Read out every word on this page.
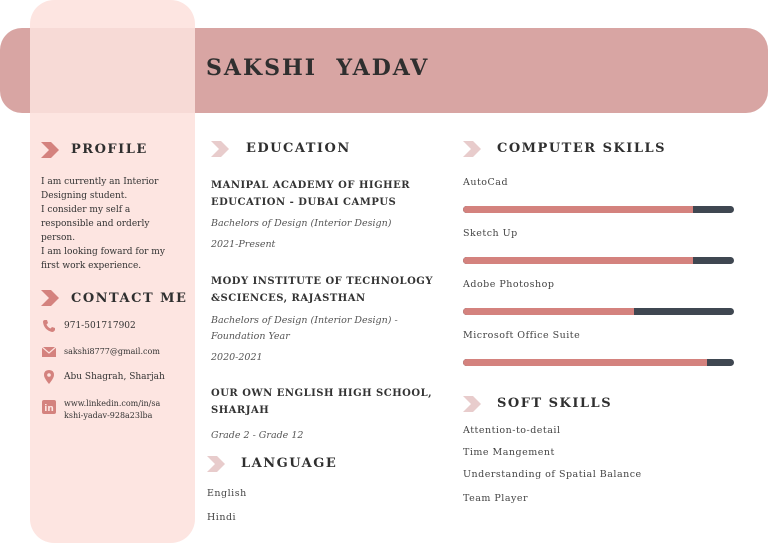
SAKSHI  YADAV
PROFILE
I am currently an Interior
Designing student.
I consider my self a
responsible and orderly
person.
I am looking foward for my
first work experience.
CONTACT ME
971-501717902
sakshi8777@gmail.com
Abu Shagrah, Sharjah
in
www.linkedin.com/in/sa
kshi-yadav-928a23lba
EDUCATION
MANIPAL ACADEMY OF HIGHER
EDUCATION - DUBAI CAMPUS
Bachelors of Design (Interior Design)
2021-Present
MODY INSTITUTE OF TECHNOLOGY
&SCIENCES, RAJASTHAN
Bachelors of Design (Interior Design) -
Foundation Year
2020-2021
OUR OWN ENGLISH HIGH SCHOOL,
SHARJAH
Grade 2 - Grade 12
LANGUAGE
English
Hindi
COMPUTER SKILLS
AutoCad
Sketch Up
Adobe Photoshop
Microsoft Office Suite
SOFT SKILLS
Attention-to-detail
Time Mangement
Understanding of Spatial Balance
Team Player
